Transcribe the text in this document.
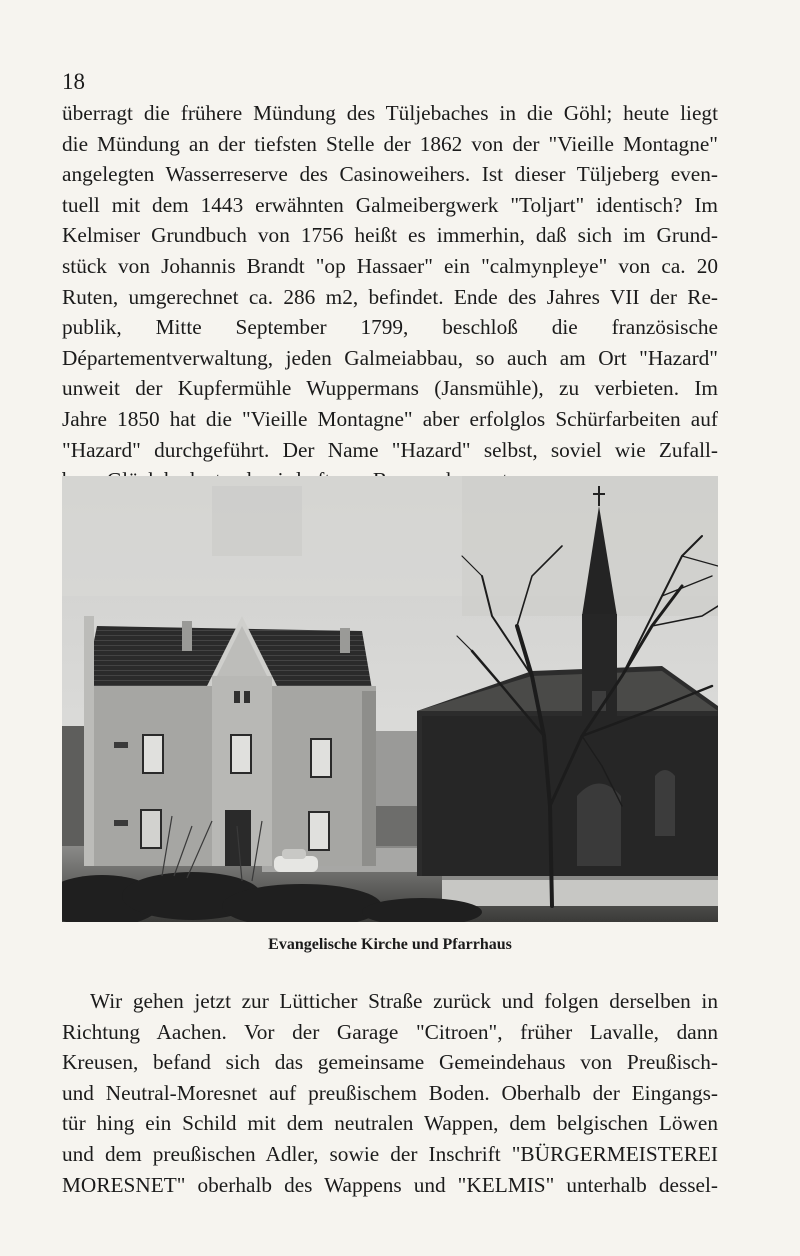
18

überragt die frühere Mündung des Tüljebaches in die Göhl; heute liegt
die Mündung an der tiefsten Stelle der 1862 von der "Vieille Montagne"
angelegten Wasserreserve des Casinoweihers. Ist dieser Tüljeberg even-
tuell mit dem 1443 erwähnten Galmeibergwerk "Toljart" identisch? Im
Kelmiser Grundbuch von 1756 heißt es immerhin, daß sich im Grund-
stück von Johannis Brandt "op Hassaer" ein "calmynpleye" von ca. 20
Ruten, umgerechnet ca. 286 m2, befindet. Ende des Jahres VII der Re-
publik, Mitte September 1799, beschloß die französische
Départementverwaltung, jeden Galmeiabbau, so auch am Ort "Hazard"
unweit der Kupfermühle Wuppermans (Jansmühle), zu verbieten. Im
Jahre 1850 hat die "Vieille Montagne" aber erfolglos Schürfarbeiten auf
"Hazard" durchgeführt. Der Name "Hazard" selbst, soviel wie Zufall-

Evangelische Kirche und Pfarrhaus

Wir gehen jetzt zur Lütticher Straße zurück und folgen derselben in
Richtung Aachen. Vor der Garage "Citroen", früher Lavalle, dann
Kreusen, befand sich das gemeinsame Gemeindehaus von Preußisch-
und Neutral-Moresnet auf preußischem Boden. Oberhalb der Eingangs-
tür hing ein Schild mit dem neutralen Wappen, dem belgischen Löwen
und dem preußischen Adler, sowie der Inschrift "BÜRGERMEISTEREI
MORESNET" oberhalb des Wappens und "KELMIS" unterhalb dessel-
